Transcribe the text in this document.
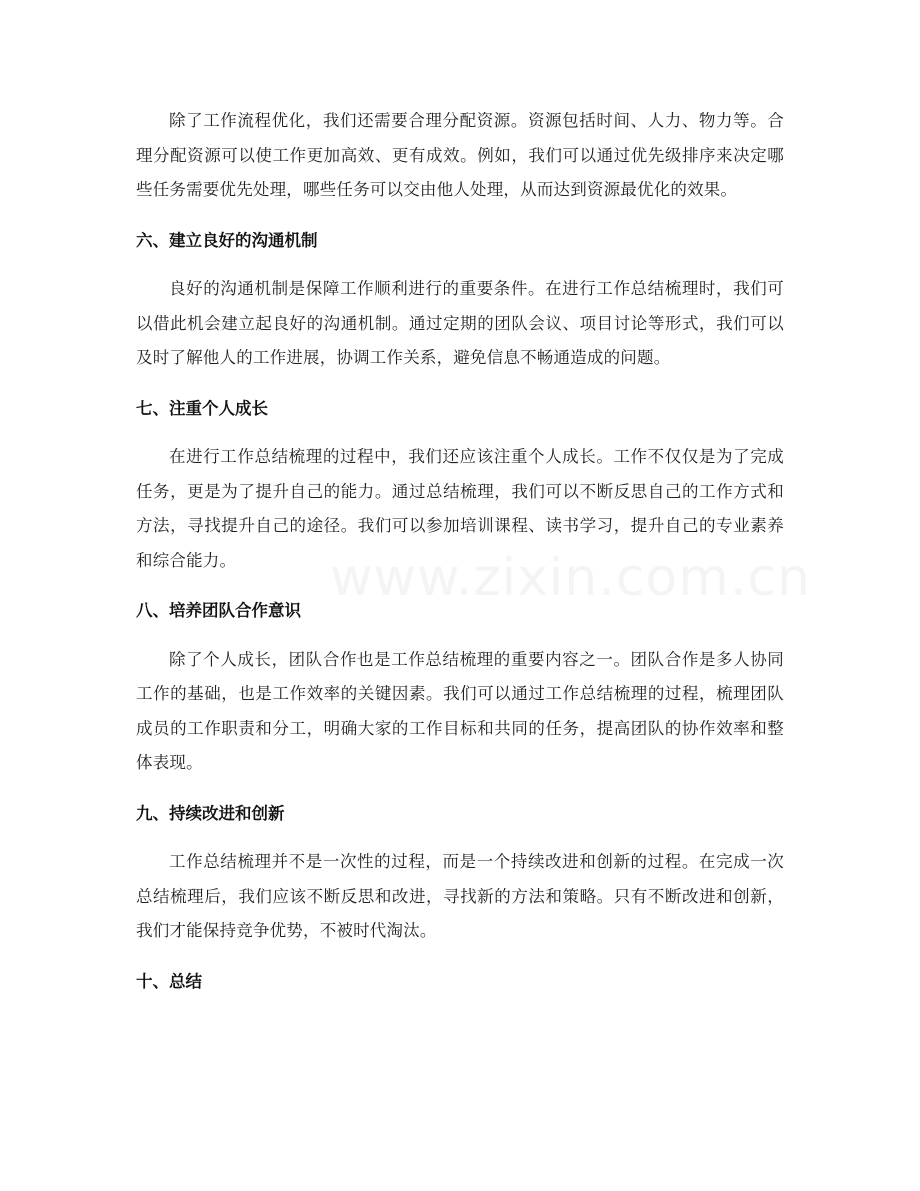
www.zixin.com.cn

除了工作流程优化，我们还需要合理分配资源。资源包括时间、人力、物力等。合理分配资源可以使工作更加高效、更有成效。例如，我们可以通过优先级排序来决定哪些任务需要优先处理，哪些任务可以交由他人处理，从而达到资源最优化的效果。

六、建立良好的沟通机制

良好的沟通机制是保障工作顺利进行的重要条件。在进行工作总结梳理时，我们可以借此机会建立起良好的沟通机制。通过定期的团队会议、项目讨论等形式，我们可以及时了解他人的工作进展，协调工作关系，避免信息不畅通造成的问题。

七、注重个人成长

在进行工作总结梳理的过程中，我们还应该注重个人成长。工作不仅仅是为了完成任务，更是为了提升自己的能力。通过总结梳理，我们可以不断反思自己的工作方式和方法，寻找提升自己的途径。我们可以参加培训课程、读书学习，提升自己的专业素养和综合能力。

八、培养团队合作意识

除了个人成长，团队合作也是工作总结梳理的重要内容之一。团队合作是多人协同工作的基础，也是工作效率的关键因素。我们可以通过工作总结梳理的过程，梳理团队成员的工作职责和分工，明确大家的工作目标和共同的任务，提高团队的协作效率和整体表现。

九、持续改进和创新

工作总结梳理并不是一次性的过程，而是一个持续改进和创新的过程。在完成一次总结梳理后，我们应该不断反思和改进，寻找新的方法和策略。只有不断改进和创新，我们才能保持竞争优势，不被时代淘汰。

十、总结
